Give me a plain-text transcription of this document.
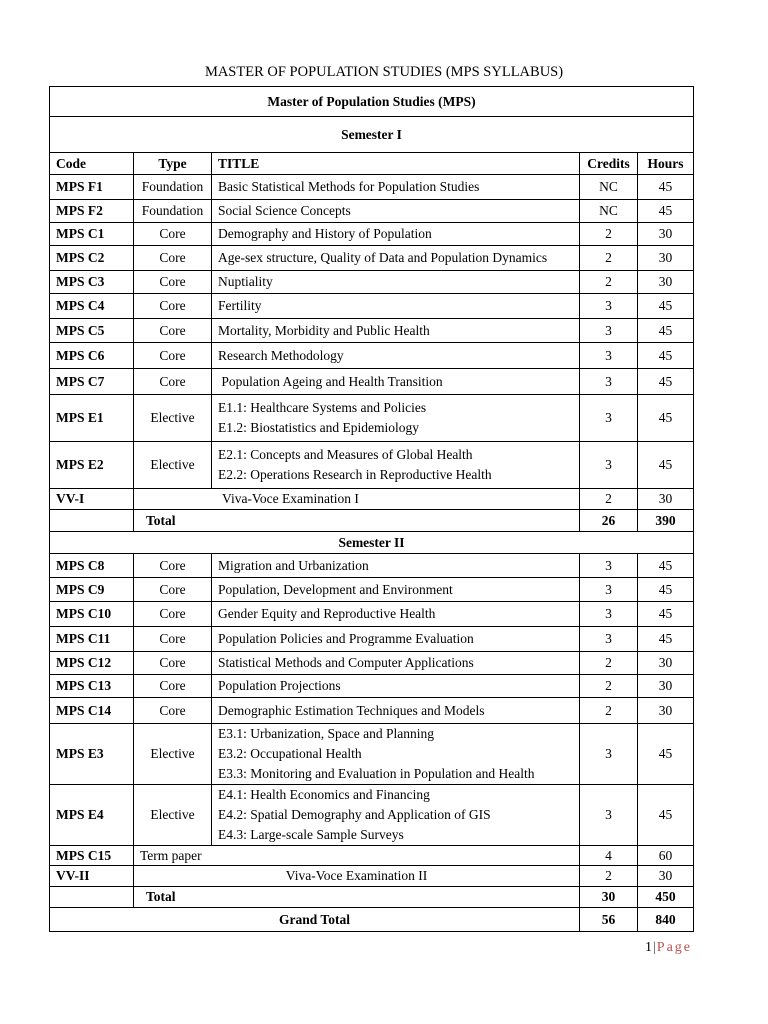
MASTER OF POPULATION STUDIES (MPS SYLLABUS)
Master of Population Studies (MPS)				
Semester I				
Code	Type	TITLE	Credits	Hours
MPS F1	Foundation	Basic Statistical Methods for Population Studies	NC	45
MPS F2	Foundation	Social Science Concepts	NC	45
MPS C1	Core	Demography and History of Population	2	30
MPS C2	Core	Age-sex structure, Quality of Data and Population Dynamics	2	30
MPS C3	Core	Nuptiality	2	30
MPS C4	Core	Fertility	3	45
MPS C5	Core	Mortality, Morbidity and Public Health	3	45
MPS C6	Core	Research Methodology	3	45
MPS C7	Core	Population Ageing and Health Transition	3	45
MPS E1	Elective	E1.1: Healthcare Systems and Policies
E1.2: Biostatistics and Epidemiology	3	45
MPS E2	Elective	E2.1: Concepts and Measures of Global Health
E2.2: Operations Research in Reproductive Health	3	45
VV-I	Viva-Voce Examination I		2	30
	Total		26	390
Semester II				
MPS C8	Core	Migration and Urbanization	3	45
MPS C9	Core	Population, Development and Environment	3	45
MPS C10	Core	Gender Equity and Reproductive Health	3	45
MPS C11	Core	Population Policies and Programme Evaluation	3	45
MPS C12	Core	Statistical Methods and Computer Applications	2	30
MPS C13	Core	Population Projections	2	30
MPS C14	Core	Demographic Estimation Techniques and Models	2	30
MPS E3	Elective	E3.1: Urbanization, Space and Planning
E3.2: Occupational Health
E3.3: Monitoring and Evaluation in Population and Health	3	45
MPS E4	Elective	E4.1: Health Economics and Financing
E4.2: Spatial Demography and Application of GIS
E4.3: Large-scale Sample Surveys	3	45
MPS C15	Term paper		4	60
VV-II	Viva-Voce Examination II		2	30
	Total		30	450
Grand Total			56	840
1|Page
